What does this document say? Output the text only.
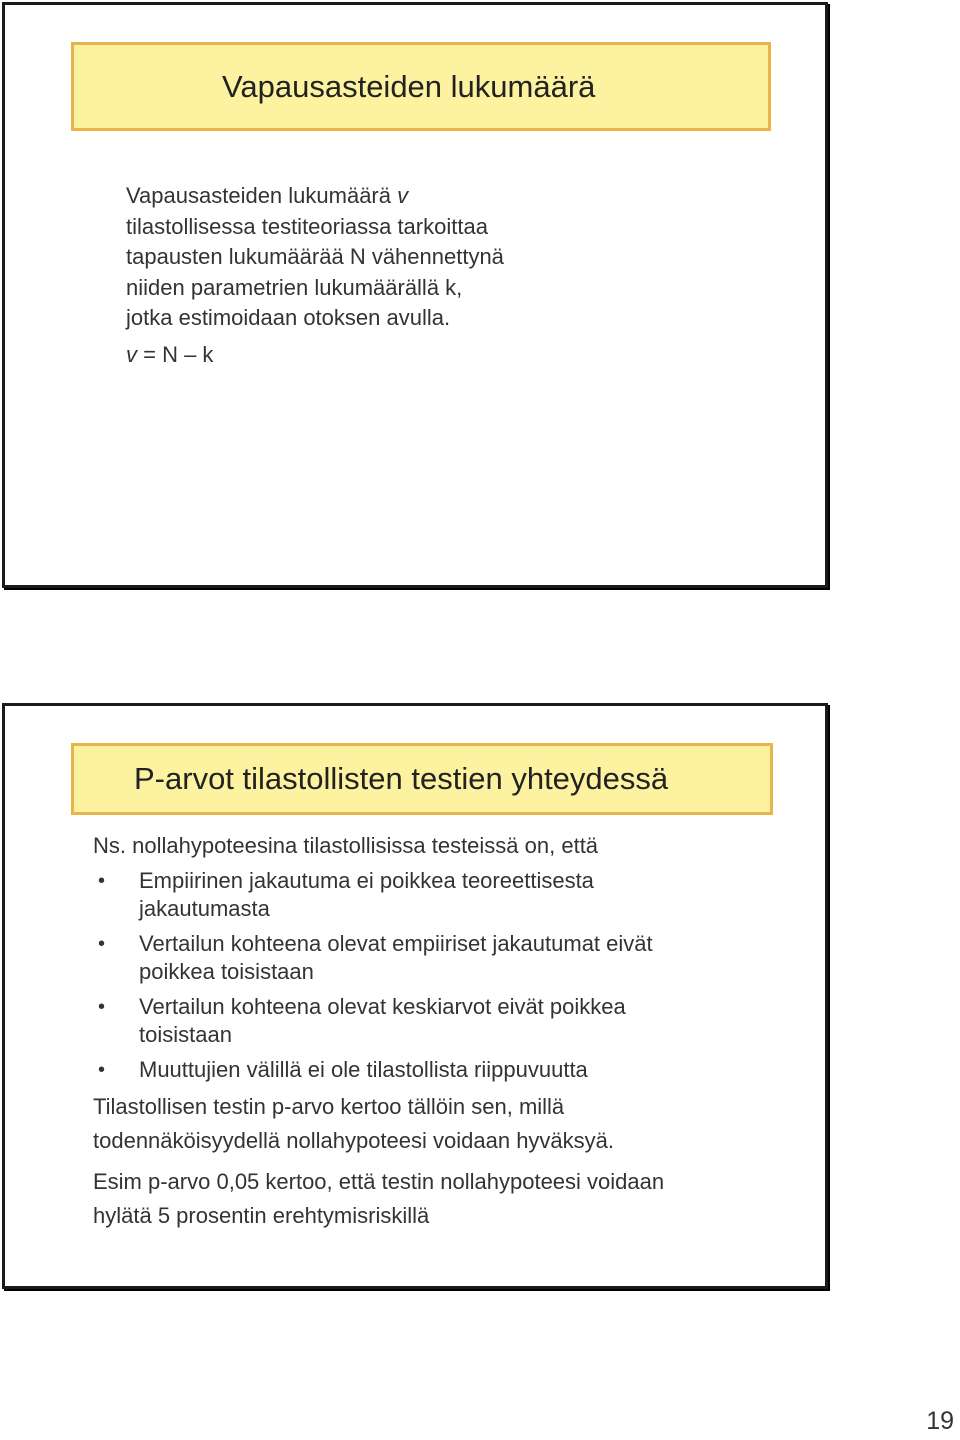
Vapausasteiden lukumäärä
Vapausasteiden lukumäärä v
tilastollisessa testiteoriassa tarkoittaa
tapausten lukumäärää N vähennettynä
niiden parametrien lukumäärällä k,
jotka estimoidaan otoksen avulla.
v = N – k
P-arvot tilastollisten testien yhteydessä
Ns. nollahypoteesina tilastollisissa testeissä on, että
• Empiirinen jakautuma ei poikkea teoreettisesta
jakautumasta
• Vertailun kohteena olevat empiiriset jakautumat eivät
poikkea toisistaan
• Vertailun kohteena olevat keskiarvot eivät poikkea
toisistaan
• Muuttujien välillä ei ole tilastollista riippuvuutta
Tilastollisen testin p-arvo kertoo tällöin sen, millä
todennäköisyydellä nollahypoteesi voidaan hyväksyä.
Esim p-arvo 0,05 kertoo, että testin nollahypoteesi voidaan
hylätä 5 prosentin erehtymisriskillä
19
